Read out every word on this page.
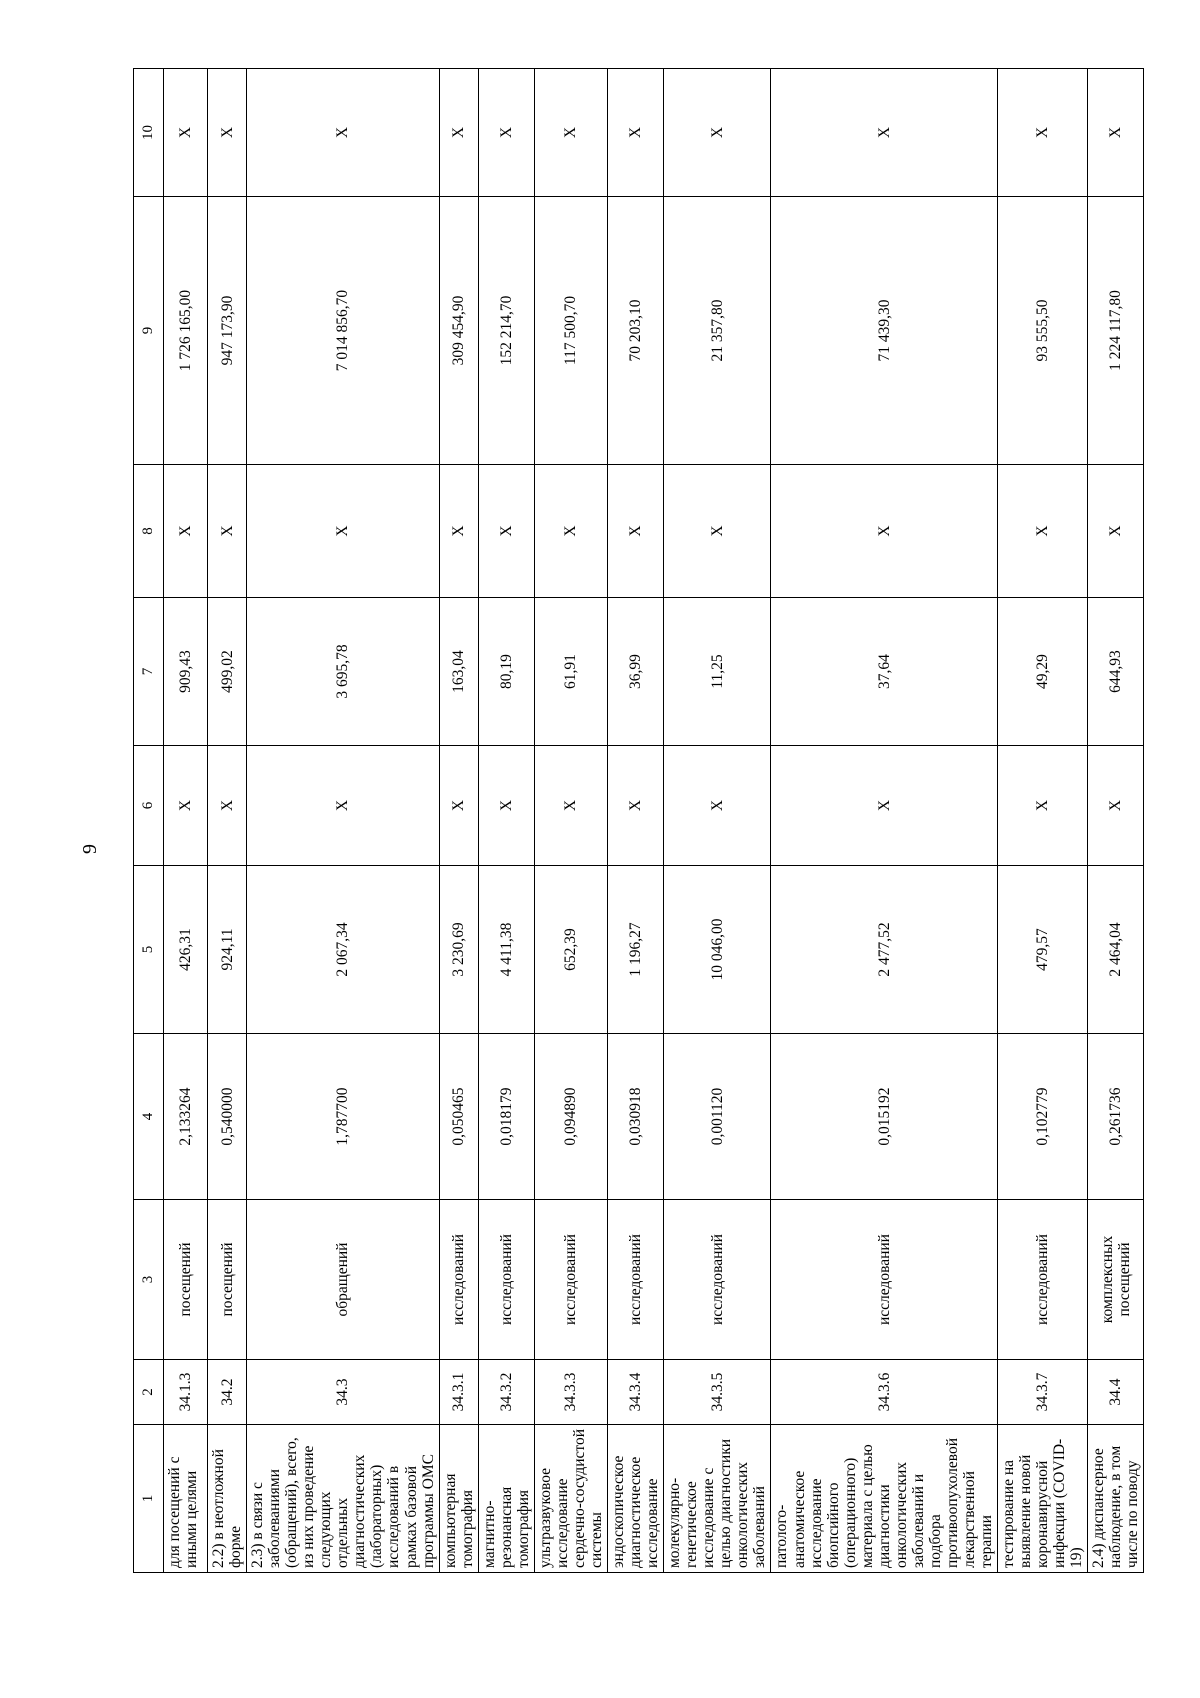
9
1	2	3	4	5	6	7	8	9	10
для посещений с иными целями	34.1.3	посещений	2,133264	426,31	Х	909,43	Х	1 726 165,00	Х
2.2) в неотложной форме	34.2	посещений	0,540000	924,11	Х	499,02	Х	947 173,90	Х
2.3) в связи с заболеваниями (обращений), всего, из них проведение следующих отдельных диагностических (лабораторных) исследований в рамках базовой программы ОМС	34.3	обращений	1,787700	2 067,34	Х	3 695,78	Х	7 014 856,70	Х
компьютерная томография	34.3.1	исследований	0,050465	3 230,69	Х	163,04	Х	309 454,90	Х
магнитно-резонансная томография	34.3.2	исследований	0,018179	4 411,38	Х	80,19	Х	152 214,70	Х
ультразвуковое исследование сердечно-сосудистой системы	34.3.3	исследований	0,094890	652,39	Х	61,91	Х	117 500,70	Х
эндоскопическое диагностическое исследование	34.3.4	исследований	0,030918	1 196,27	Х	36,99	Х	70 203,10	Х
молекулярно-генетическое исследование с целью диагностики онкологических заболеваний	34.3.5	исследований	0,001120	10 046,00	Х	11,25	Х	21 357,80	Х
патолого-анатомическое исследование биопсийного (операционного) материала с целью диагностики онкологических заболеваний и подбора противоопухолевой лекарственной терапии	34.3.6	исследований	0,015192	2 477,52	Х	37,64	Х	71 439,30	Х
тестирование на выявление новой коронавирусной инфекции (COVID-19)	34.3.7	исследований	0,102779	479,57	Х	49,29	Х	93 555,50	Х
2.4) диспансерное наблюдение, в том числе по поводу	34.4	комплексных посещений	0,261736	2 464,04	Х	644,93	Х	1 224 117,80	Х
